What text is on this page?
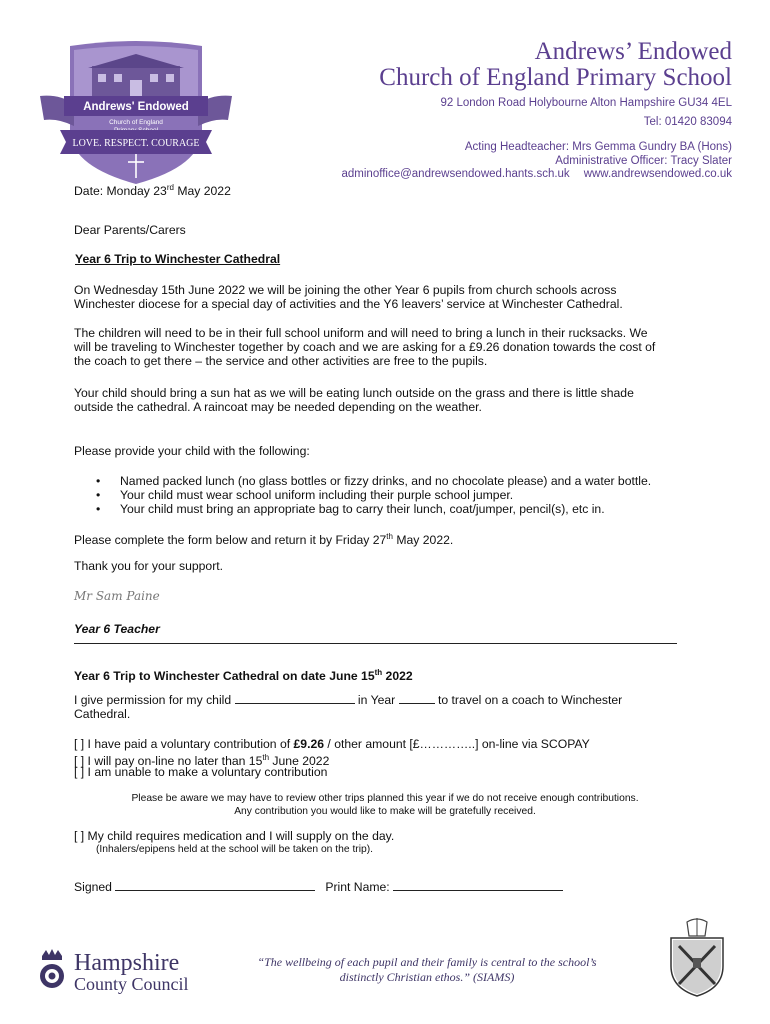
Andrews' Endowed
Church of England
LOVE. RESPECT. COURAGE
Andrews’ Endowed
Church of England Primary School
92 London Road Holybourne Alton Hampshire GU34 4EL
Tel: 01420 83094
Acting Headteacher: Mrs Gemma Gundry BA (Hons)
Administrative Officer: Tracy Slater
adminoffice@andrewsendowed.hants.sch.uk www.andrewsendowed.co.uk
Date: Monday 23rd May 2022
Dear Parents/Carers
Year 6 Trip to Winchester Cathedral
On Wednesday 15th June 2022 we will be joining the other Year 6 pupils from church schools across
Winchester diocese for a special day of activities and the Y6 leavers’ service at Winchester Cathedral.
The children will need to be in their full school uniform and will need to bring a lunch in their rucksacks. We
will be traveling to Winchester together by coach and we are asking for a £9.26 donation towards the cost of
the coach to get there – the service and other activities are free to the pupils.
Your child should bring a sun hat as we will be eating lunch outside on the grass and there is little shade
outside the cathedral. A raincoat may be needed depending on the weather.
Please provide your child with the following:
• Named packed lunch (no glass bottles or fizzy drinks, and no chocolate please) and a water bottle.
• Your child must wear school uniform including their purple school jumper.
• Your child must bring an appropriate bag to carry their lunch, coat/jumper, pencil(s), etc in.
Please complete the form below and return it by Friday 27th May 2022.
Thank you for your support.
Mr Sam Paine
Year 6 Teacher
Year 6 Trip to Winchester Cathedral on date June 15th 2022
I give permission for my child	in Year	to travel on a coach to Winchester
Cathedral.
[ ] I have paid a voluntary contribution of £9.26 / other amount [£…………..] on-line via SCOPAY
[ ] I will pay on-line no later than 15th June 2022
[ ] I am unable to make a voluntary contribution
Please be aware we may have to review other trips planned this year if we do not receive enough contributions.
Any contribution you would like to make will be gratefully received.
[ ] My child requires medication and I will supply on the day.
(Inhalers/epipens held at the school will be taken on the trip).
Signed	Print Name:
Hampshire
County Council
“The wellbeing of each pupil and their family is central to the school’s
distinctly Christian ethos.” (SIAMS)
